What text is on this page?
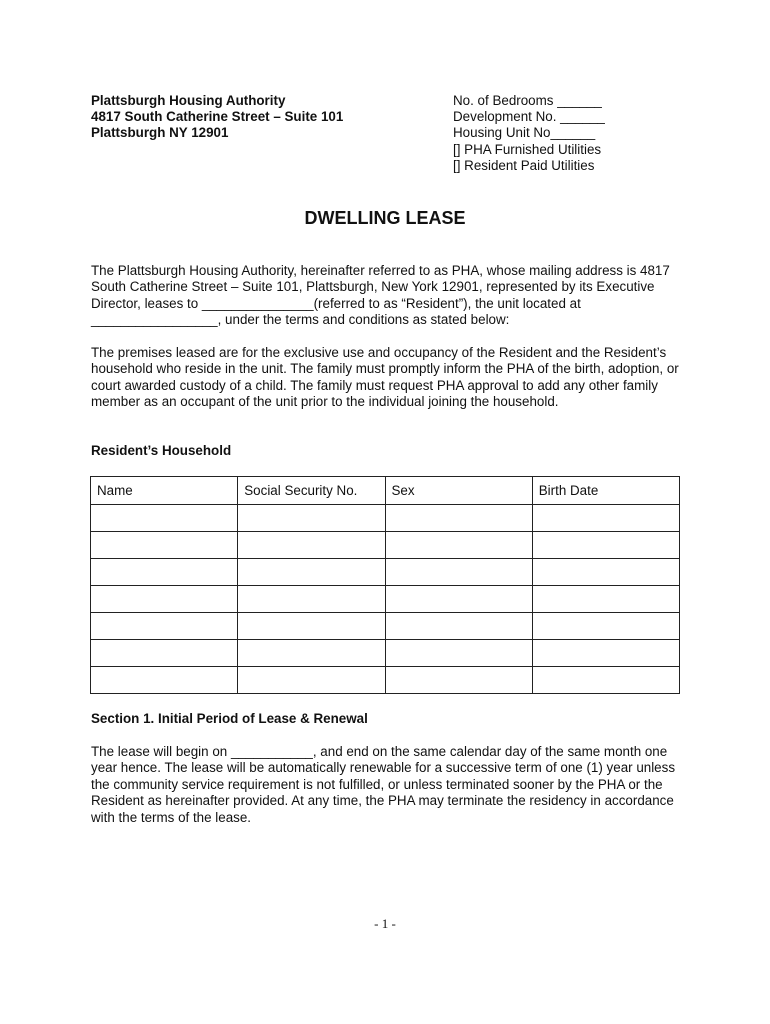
Plattsburgh Housing Authority
4817 South Catherine Street – Suite 101
Plattsburgh NY 12901
No. of Bedrooms ______
Development No. ______
Housing Unit No______
[] PHA Furnished Utilities
[] Resident Paid Utilities
DWELLING LEASE

The Plattsburgh Housing Authority, hereinafter referred to as PHA, whose mailing address is 4817 South Catherine Street – Suite 101, Plattsburgh, New York 12901, represented by its Executive Director, leases to _______________(referred to as “Resident”), the unit located at _________________, under the terms and conditions as stated below:

The premises leased are for the exclusive use and occupancy of the Resident and the Resident’s household who reside in the unit. The family must promptly inform the PHA of the birth, adoption, or court awarded custody of a child. The family must request PHA approval to add any other family member as an occupant of the unit prior to the individual joining the household.

Resident’s Household
Name	Social Security No.	Sex	Birth Date

Section 1. Initial Period of Lease & Renewal

The lease will begin on ___________, and end on the same calendar day of the same month one year hence. The lease will be automatically renewable for a successive term of one (1) year unless the community service requirement is not fulfilled, or unless terminated sooner by the PHA or the Resident as hereinafter provided. At any time, the PHA may terminate the residency in accordance with the terms of the lease.

- 1 -
